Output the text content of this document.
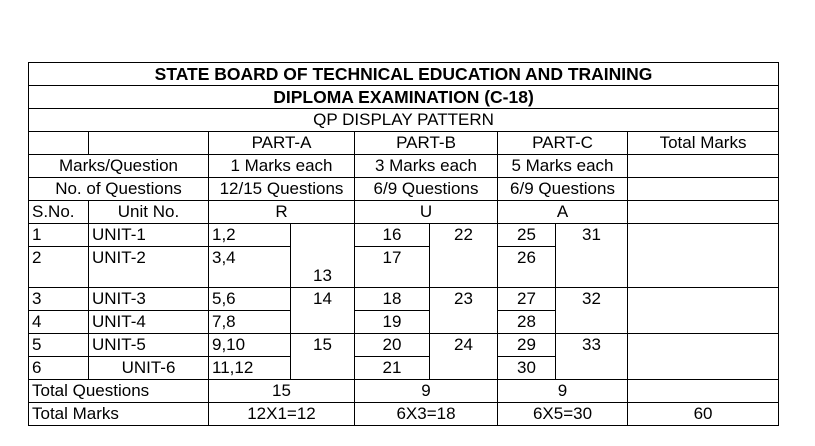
STATE BOARD OF TECHNICAL EDUCATION AND TRAINING								
DIPLOMA EXAMINATION (C-18)								
QP DISPLAY PATTERN								
		PART-A		PART-B		PART-C		Total Marks
Marks/Question		1 Marks each		3 Marks each		5 Marks each		
No. of Questions		12/15 Questions		6/9 Questions		6/9 Questions		
S.No.	Unit No.	R		U		A		
1	UNIT-1	1,2	13	16	22	25	31	
2	UNIT-2	3,4		17		26		
3	UNIT-3	5,6	14	18	23	27	32	
4	UNIT-4	7,8		19		28		
5	UNIT-5	9,10	15	20	24	29	33	
6	UNIT-6	11,12		21		30		
Total Questions		15		9		9		
Total Marks		12X1=12		6X3=18		6X5=30		60
